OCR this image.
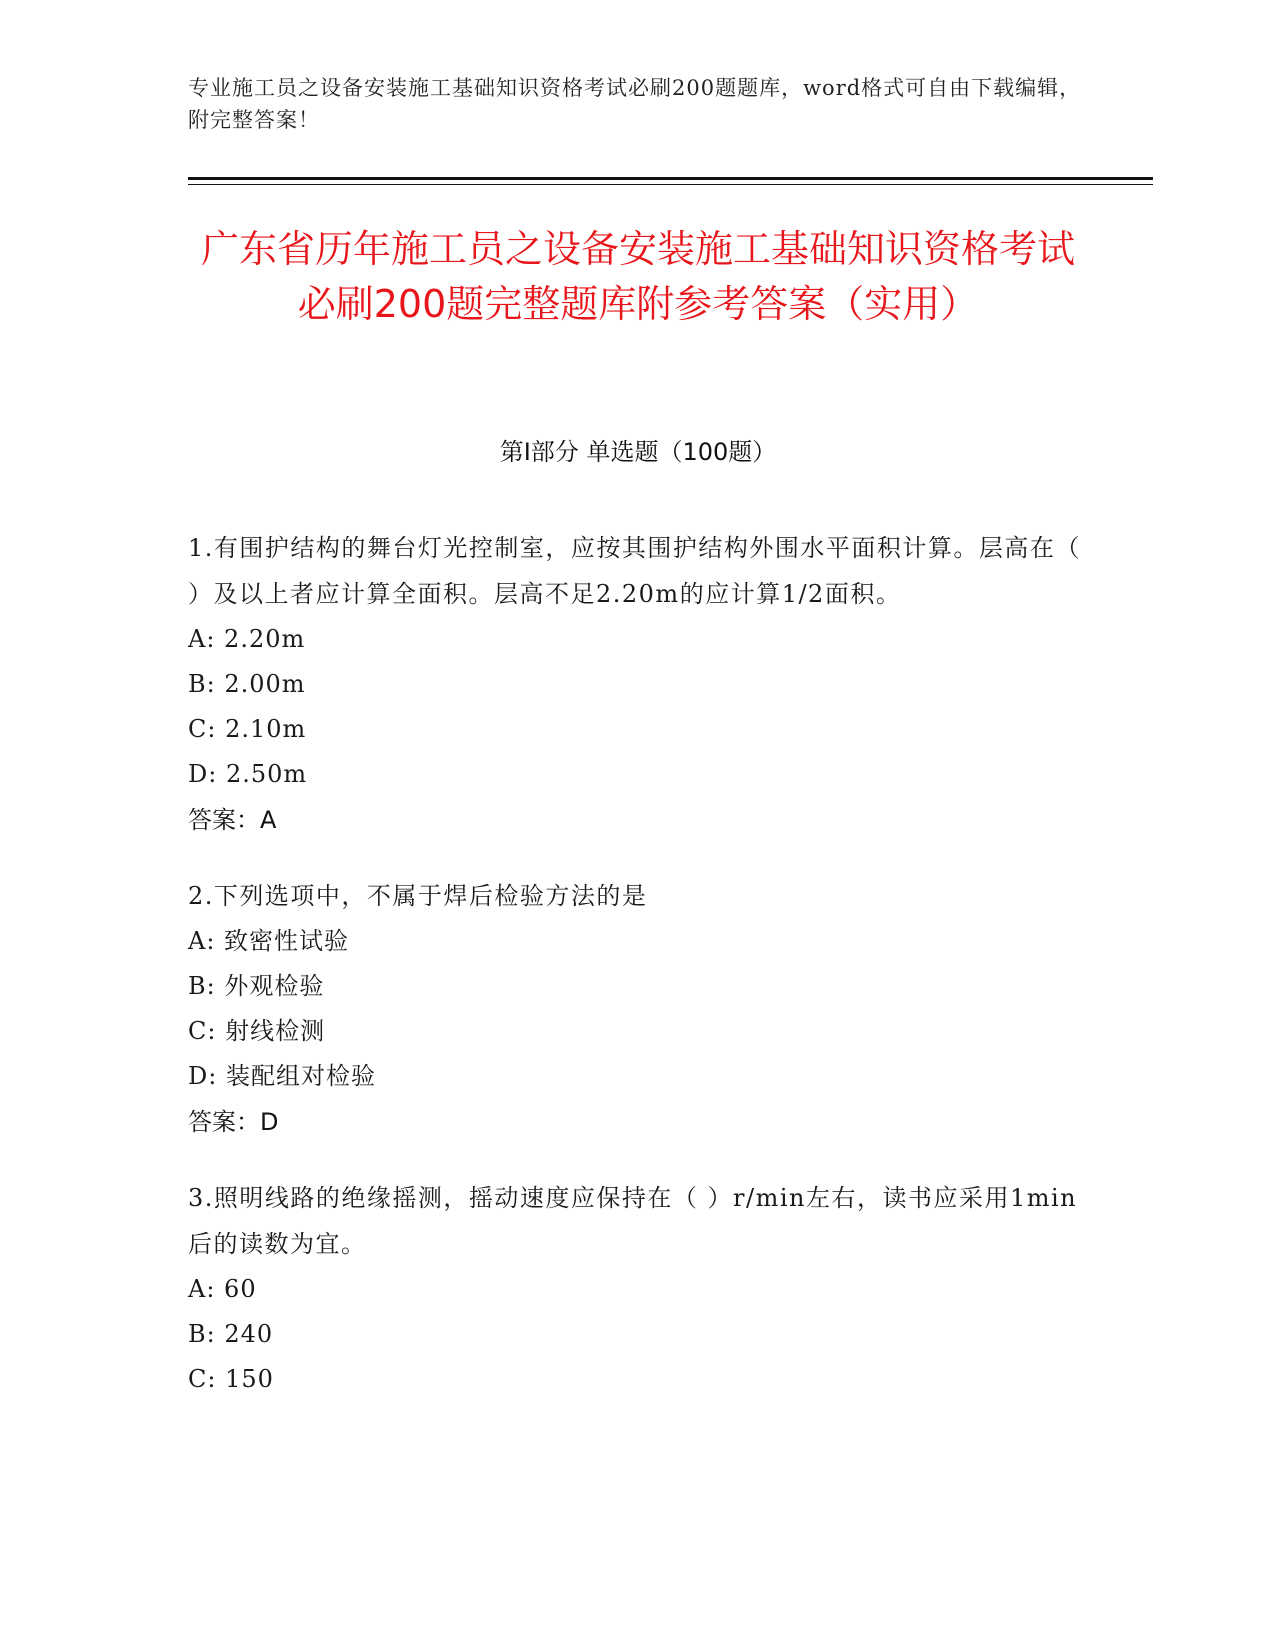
专业施工员之设备安装施工基础知识资格考试必刷200题题库，word格式可自由下载编辑，附完整答案！
广东省历年施工员之设备安装施工基础知识资格考试必刷200题完整题库附参考答案（实用）
第Ⅰ部分 单选题（100题）
1.有围护结构的舞台灯光控制室，应按其围护结构外围水平面积计算。层高在（ ）及以上者应计算全面积。层高不足2.20m的应计算1/2面积。
A: 2.20m
B: 2.00m
C: 2.10m
D: 2.50m
答案：A
2.下列选项中，不属于焊后检验方法的是
A: 致密性试验
B: 外观检验
C: 射线检测
D: 装配组对检验
答案：D
3.照明线路的绝缘摇测，摇动速度应保持在（ ）r/min左右，读书应采用1min后的读数为宜。
A: 60
B: 240
C: 150
